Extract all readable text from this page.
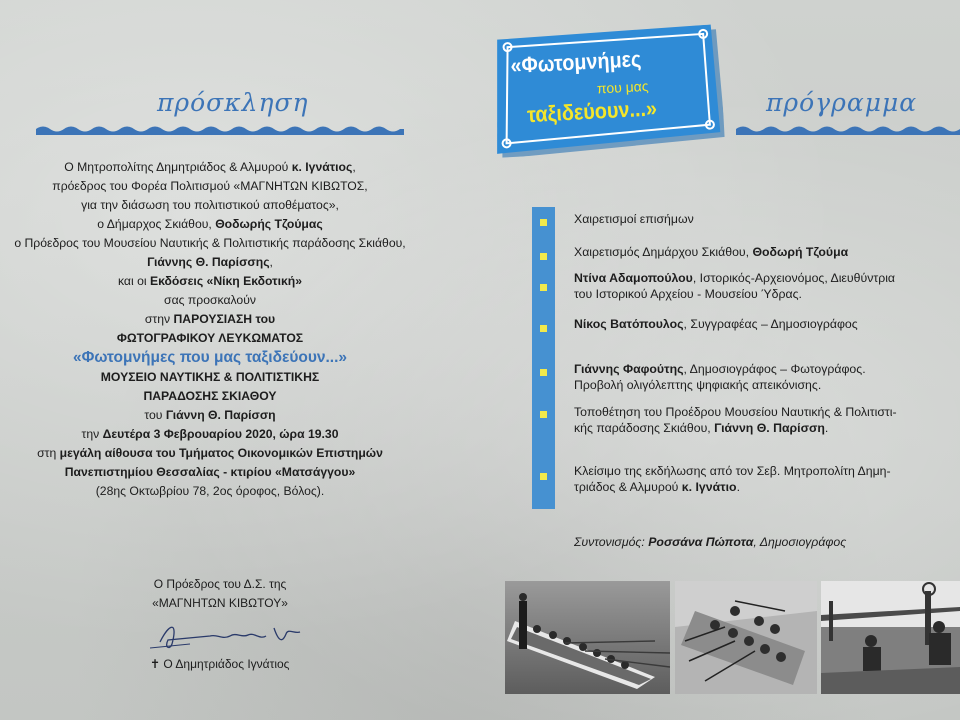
πρόσκληση
Ο Μητροπολίτης Δημητριάδος & Αλμυρού κ. Ιγνάτιος,
πρόεδρος του Φορέα Πολιτισμού «ΜΑΓΝΗΤΩΝ ΚΙΒΩΤΟΣ,
για την διάσωση του πολιτιστικού αποθέματος»,
ο Δήμαρχος Σκιάθου, Θοδωρής Τζούμας
ο Πρόεδρος του Μουσείου Ναυτικής & Πολιτιστικής παράδοσης Σκιάθου,
Γιάννης Θ. Παρίσσης,
και οι Εκδόσεις «Νίκη Εκδοτική»
σας προσκαλούν
στην ΠΑΡΟΥΣΙΑΣΗ του
ΦΩΤΟΓΡΑΦΙΚΟΥ ΛΕΥΚΩΜΑΤΟΣ
«Φωτομνήμες που μας ταξιδεύουν...»
ΜΟΥΣΕΙΟ ΝΑΥΤΙΚΗΣ & ΠΟΛΙΤΙΣΤΙΚΗΣ
ΠΑΡΑΔΟΣΗΣ ΣΚΙΑΘΟΥ
του Γιάννη Θ. Παρίσση
την Δευτέρα 3 Φεβρουαρίου 2020, ώρα 19.30
στη μεγάλη αίθουσα του Τμήματος Οικονομικών Επιστημών
Πανεπιστημίου Θεσσαλίας - κτιρίου «Ματσάγγου»
(28ης Οκτωβρίου 78, 2ος όροφος, Βόλος).
Ο Πρόεδρος του Δ.Σ. της
«ΜΑΓΝΗΤΩΝ ΚΙΒΩΤΟΥ»
✝ Ο Δημητριάδος Ιγνάτιος
«Φωτομνήμες
που μας
ταξιδεύουν...»	πρόγραμμα
Χαιρετισμοί επισήμων
Χαιρετισμός Δημάρχου Σκιάθου, Θοδωρή Τζούμα
Ντίνα Αδαμοπούλου, Ιστορικός-Αρχειονόμος, Διευθύντρια
του Ιστορικού Αρχείου - Μουσείου Ύδρας.
Νίκος Βατόπουλος, Συγγραφέας – Δημοσιογράφος
Γιάννης Φαφούτης, Δημοσιογράφος – Φωτογράφος.
Προβολή ολιγόλεπτης ψηφιακής απεικόνισης.
Τοποθέτηση του Προέδρου Μουσείου Ναυτικής & Πολιτιστι-
κής παράδοσης Σκιάθου, Γιάννη Θ. Παρίσση.
Κλείσιμο της εκδήλωσης από τον Σεβ. Μητροπολίτη Δημη-
τριάδος & Αλμυρού κ. Ιγνάτιο.
Συντονισμός: Ροσσάνα Πώποτα, Δημοσιογράφος
